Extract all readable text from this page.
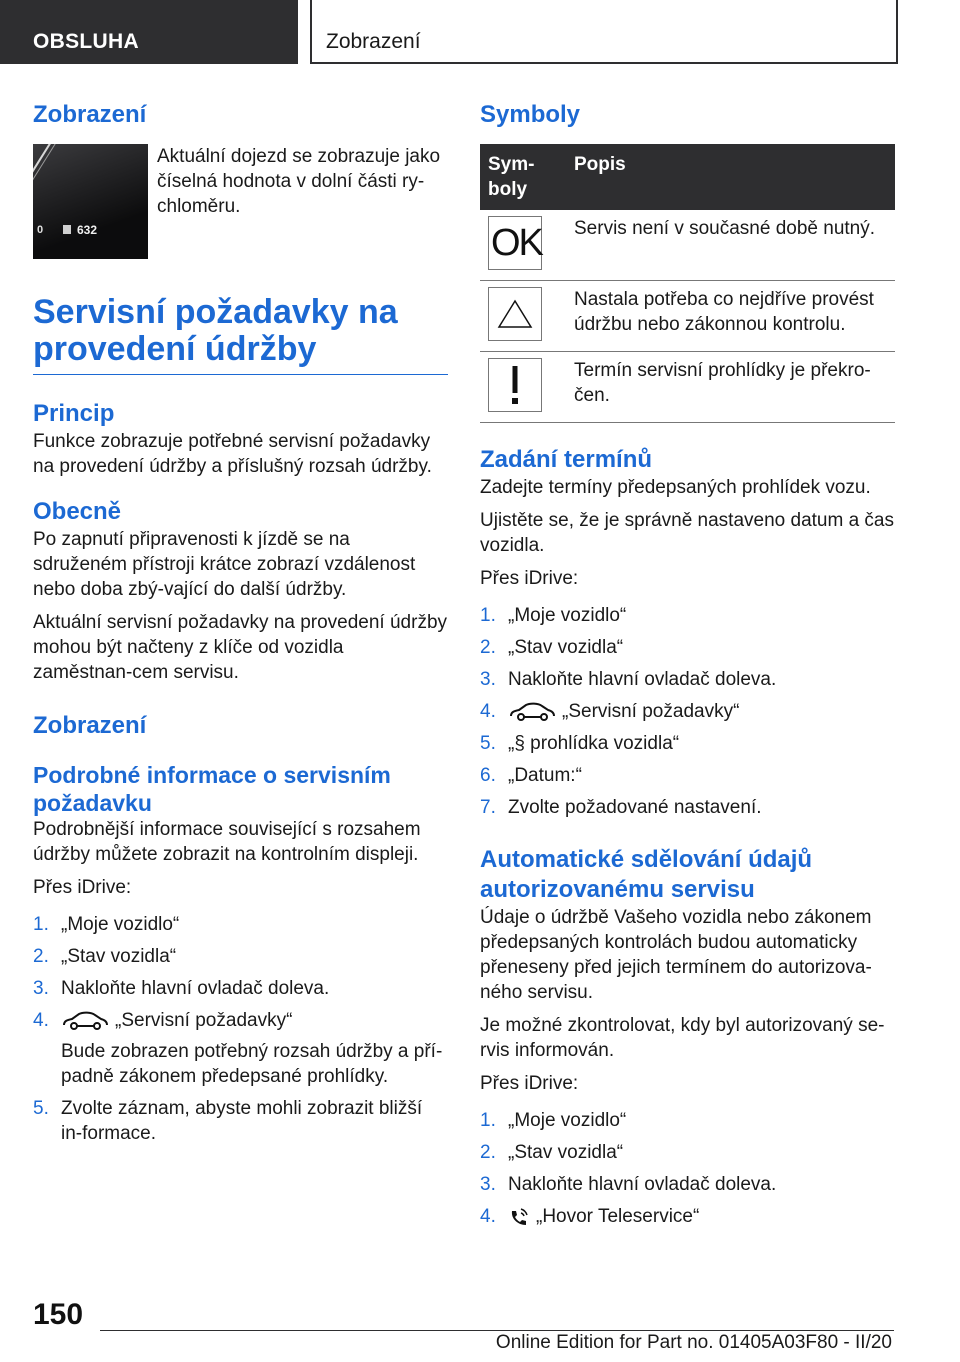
OBSLUHA	Zobrazení
Zobrazení
0	632

Aktuální dojezd se zobrazuje jako číselná hodnota v dolní části ry-chloměru.

Servisní požadavky na provedení údržby
Princip

Funkce zobrazuje potřebné servisní požadavky na provedení údržby a příslušný rozsah údržby.

Obecně

Po zapnutí připravenosti k jízdě se na sdruženém přístroji krátce zobrazí vzdálenost nebo doba zbý-vající do další údržby.

Aktuální servisní požadavky na provedení údržby mohou být načteny z klíče od vozidla zaměstnan-cem servisu.

Zobrazení
Podrobné informace o servisním požadavku

Podrobnější informace související s rozsahem údržby můžete zobrazit na kontrolním displeji.

Přes iDrive:

1. „Moje vozidlo“
2. „Stav vozidla“
3. Nakloňte hlavní ovladač doleva.
4.	„Servisní požadavky“
Bude zobrazen potřebný rozsah údržby a pří-padně zákonem předepsané prohlídky.
5. Zvolte záznam, abyste mohli zobrazit bližší in-formace.
Symboly
Sym-boly	Popis

OK	Servis není v současné době nutný.

	Nastala potřeba co nejdříve provést údržbu nebo zákonnou kontrolu.

	Termín servisní prohlídky je překro-čen.
Zadání termínů

Zadejte termíny předepsaných prohlídek vozu.

Ujistěte se, že je správně nastaveno datum a čas vozidla.

Přes iDrive:

1. „Moje vozidlo“
2. „Stav vozidla“
3. Nakloňte hlavní ovladač doleva.
4.	„Servisní požadavky“
5. „§ prohlídka vozidla“
6. „Datum:“
7. Zvolte požadované nastavení.
Automatické sdělování údajů autorizovanému servisu

Údaje o údržbě Vašeho vozidla nebo zákonem předepsaných kontrolách budou automaticky přeneseny před jejich termínem do autorizova-ného servisu.

Je možné zkontrolovat, kdy byl autorizovaný se-rvis informován.

Přes iDrive:

1. „Moje vozidlo“
2. „Stav vozidla“
3. Nakloňte hlavní ovladač doleva.
4. „Hovor Teleservice“
150
Online Edition for Part no. 01405A03F80 - II/20
